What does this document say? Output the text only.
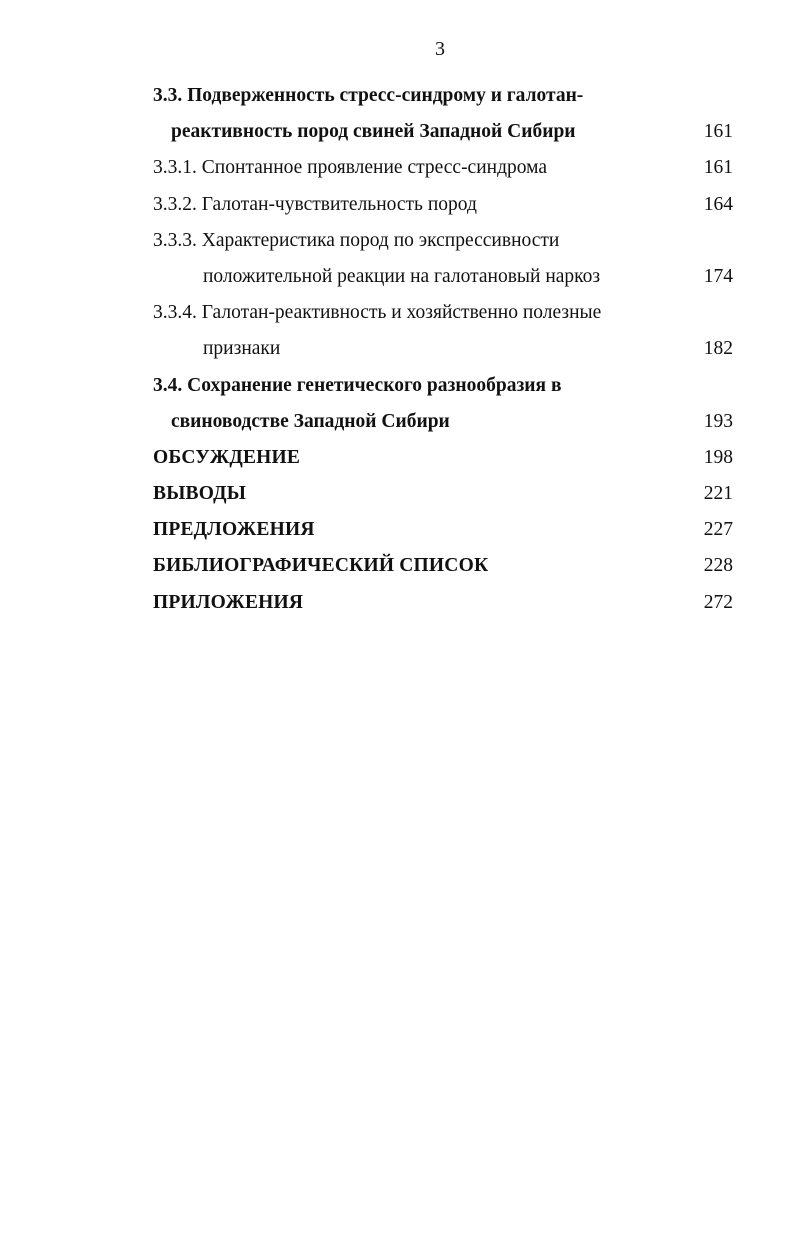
3
3.3. Подверженность стресс-синдрому и галотан-
реактивность пород свиней Западной Сибири	161
3.3.1. Спонтанное проявление стресс-синдрома	161
3.3.2. Галотан-чувствительность пород	164
3.3.3. Характеристика пород по экспрессивности
положительной реакции на галотановый наркоз	174
3.3.4. Галотан-реактивность и хозяйственно полезные
признаки	182
3.4. Сохранение генетического разнообразия в
свиноводстве Западной Сибири	193
ОБСУЖДЕНИЕ	198
ВЫВОДЫ	221
ПРЕДЛОЖЕНИЯ	227
БИБЛИОГРАФИЧЕСКИЙ СПИСОК	228
ПРИЛОЖЕНИЯ	272
